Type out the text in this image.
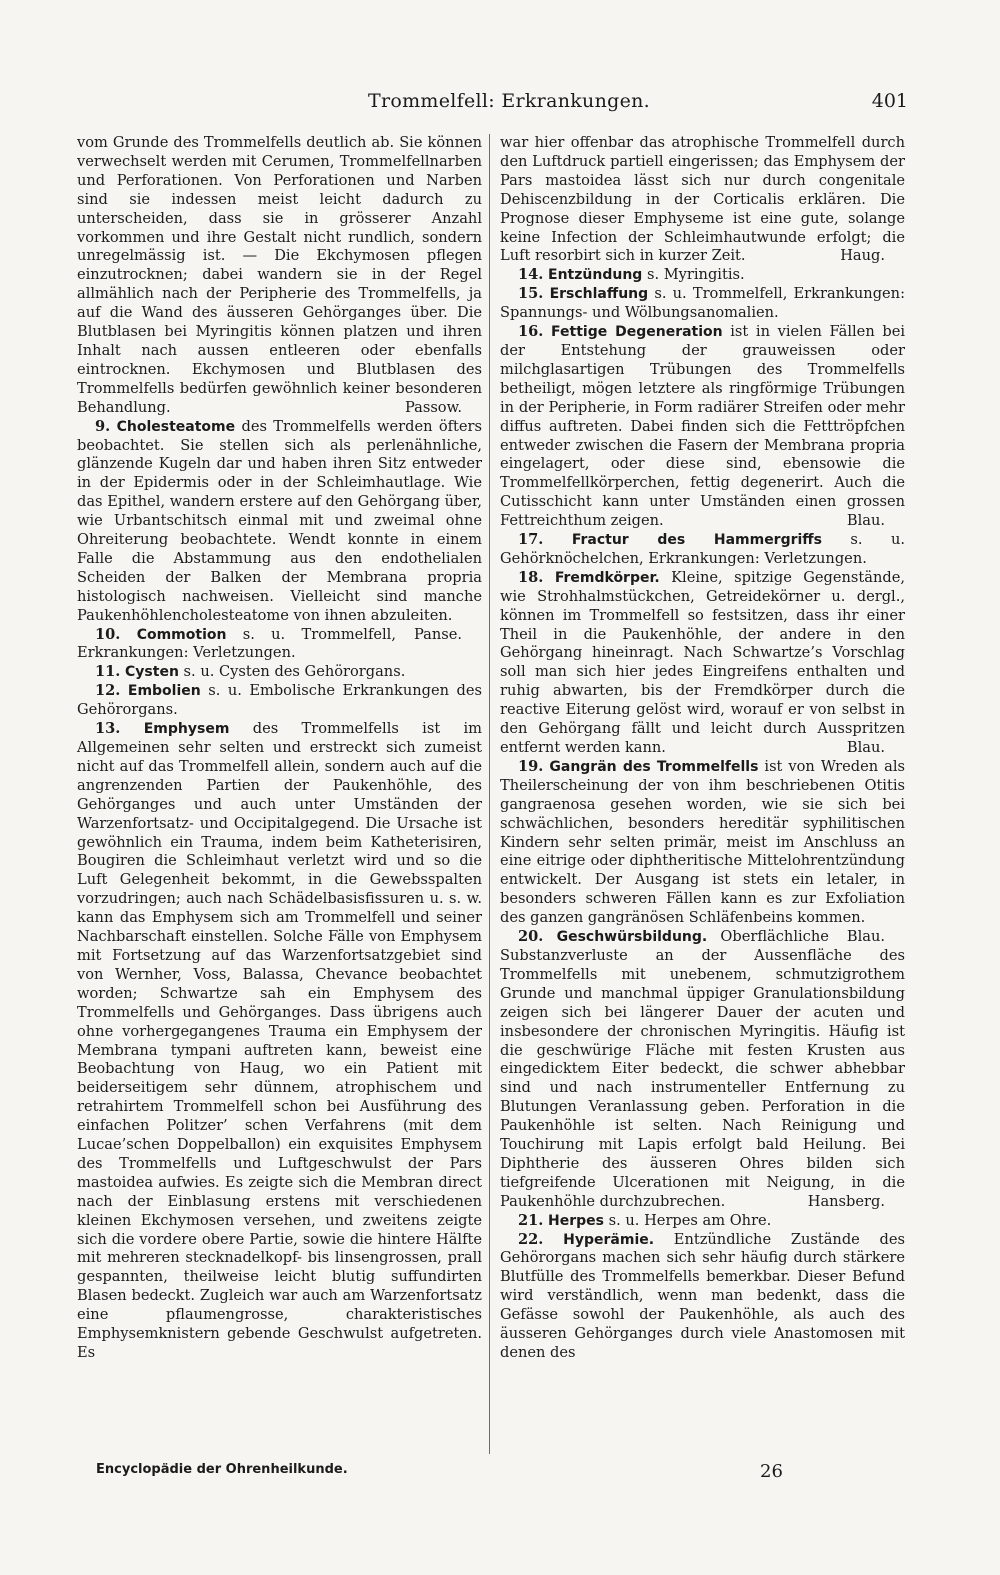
Trommelfell: Erkrankungen.	401

vom Grunde des Trommelfells deutlich ab. Sie können verwechselt werden mit Cerumen, Trommelfellnarben und Perforationen. Von Perforationen und Narben sind sie indessen meist leicht dadurch zu unterscheiden, dass sie in grösserer Anzahl vorkommen und ihre Gestalt nicht rundlich, sondern unregelmässig ist. — Die Ekchymosen pflegen einzutrocknen; dabei wandern sie in der Regel allmählich nach der Peripherie des Trommelfells, ja auf die Wand des äusseren Gehörganges über. Die Blutblasen bei Myringitis können platzen und ihren Inhalt nach aussen entleeren oder ebenfalls eintrocknen. Ekchymosen und Blutblasen des Trommelfells bedürfen gewöhnlich keiner besonderen Behandlung.	Passow.

9. Cholesteatome des Trommelfells werden öfters beobachtet. Sie stellen sich als perlenähnliche, glänzende Kugeln dar und haben ihren Sitz entweder in der Epidermis oder in der Schleimhautlage. Wie das Epithel, wandern erstere auf den Gehörgang über, wie Urbantschitsch einmal mit und zweimal ohne Ohreiterung beobachtete. Wendt konnte in einem Falle die Abstammung aus den endothelialen Scheiden der Balken der Membrana propria histologisch nachweisen. Vielleicht sind manche Paukenhöhlencholesteatome von ihnen abzuleiten.
Panse.

10. Commotion s. u. Trommelfell, Erkrankungen: Verletzungen.

11. Cysten s. u. Cysten des Gehörorgans.

12. Embolien s. u. Embolische Erkrankungen des Gehörorgans.

13. Emphysem des Trommelfells ist im Allgemeinen sehr selten und erstreckt sich zumeist nicht auf das Trommelfell allein, sondern auch auf die angrenzenden Partien der Paukenhöhle, des Gehörganges und auch unter Umständen der Warzenfortsatz- und Occipitalgegend. Die Ursache ist gewöhnlich ein Trauma, indem beim Katheterisiren, Bougiren die Schleimhaut verletzt wird und so die Luft Gelegenheit bekommt, in die Gewebsspalten vorzudringen; auch nach Schädelbasisfissuren u. s. w. kann das Emphysem sich am Trommelfell und seiner Nachbarschaft einstellen. Solche Fälle von Emphysem mit Fortsetzung auf das Warzenfortsatzgebiet sind von Wernher, Voss, Balassa, Chevance beobachtet worden; Schwartze sah ein Emphysem des Trommelfells und Gehörganges. Dass übrigens auch ohne vorhergegangenes Trauma ein Emphysem der Membrana tympani auftreten kann, beweist eine Beobachtung von Haug, wo ein Patient mit beiderseitigem sehr dünnem, atrophischem und retrahirtem Trommelfell schon bei Ausführung des einfachen Politzer’ schen Verfahrens (mit dem Lucae’schen Doppelballon) ein exquisites Emphysem des Trommelfells und Luftgeschwulst der Pars mastoidea aufwies. Es zeigte sich die Membran direct nach der Einblasung erstens mit verschiedenen kleinen Ekchymosen versehen, und zweitens zeigte sich die vordere obere Partie, sowie die hintere Hälfte mit mehreren stecknadelkopf- bis linsengrossen, prall gespannten, theilweise leicht blutig suffundirten Blasen bedeckt. Zugleich war auch am Warzenfortsatz eine pflaumengrosse, charakteristisches Emphysemknistern gebende Geschwulst aufgetreten. Es

war hier offenbar das atrophische Trommelfell durch den Luftdruck partiell eingerissen; das Emphysem der Pars mastoidea lässt sich nur durch congenitale Dehiscenzbildung in der Corticalis erklären. Die Prognose dieser Emphyseme ist eine gute, solange keine Infection der Schleimhautwunde erfolgt; die Luft resorbirt sich in kurzer Zeit.	Haug.

14. Entzündung s. Myringitis.

15. Erschlaffung s. u. Trommelfell, Erkrankungen: Spannungs- und Wölbungsanomalien.

16. Fettige Degeneration ist in vielen Fällen bei der Entstehung der grauweissen oder milchglasartigen Trübungen des Trommelfells betheiligt, mögen letztere als ringförmige Trübungen in der Peripherie, in Form radiärer Streifen oder mehr diffus auftreten. Dabei finden sich die Fetttröpfchen entweder zwischen die Fasern der Membrana propria eingelagert, oder diese sind, ebensowie die Trommelfellkörperchen, fettig degenerirt. Auch die Cutisschicht kann unter Umständen einen grossen Fettreichthum zeigen.	Blau.

17. Fractur des Hammergriffs s. u. Gehörknöchelchen, Erkrankungen: Verletzungen.

18. Fremdkörper. Kleine, spitzige Gegenstände, wie Strohhalmstückchen, Getreidekörner u. dergl., können im Trommelfell so festsitzen, dass ihr einer Theil in die Paukenhöhle, der andere in den Gehörgang hineinragt. Nach Schwartze’s Vorschlag soll man sich hier jedes Eingreifens enthalten und ruhig abwarten, bis der Fremdkörper durch die reactive Eiterung gelöst wird, worauf er von selbst in den Gehörgang fällt und leicht durch Ausspritzen entfernt werden kann.	Blau.

19. Gangrän des Trommelfells ist von Wreden als Theilerscheinung der von ihm beschriebenen Otitis gangraenosa gesehen worden, wie sie sich bei schwächlichen, besonders hereditär syphilitischen Kindern sehr selten primär, meist im Anschluss an eine eitrige oder diphtheritische Mittelohrentzündung entwickelt. Der Ausgang ist stets ein letaler, in besonders schweren Fällen kann es zur Exfoliation des ganzen gangränösen Schläfenbeins kommen.
Blau.

20. Geschwürsbildung. Oberflächliche Substanzverluste an der Aussenfläche des Trommelfells mit unebenem, schmutzigrothem Grunde und manchmal üppiger Granulationsbildung zeigen sich bei längerer Dauer der acuten und insbesondere der chronischen Myringitis. Häufig ist die geschwürige Fläche mit festen Krusten aus eingedicktem Eiter bedeckt, die schwer abhebbar sind und nach instrumenteller Entfernung zu Blutungen Veranlassung geben. Perforation in die Paukenhöhle ist selten. Nach Reinigung und Touchirung mit Lapis erfolgt bald Heilung. Bei Diphtherie des äusseren Ohres bilden sich tiefgreifende Ulcerationen mit Neigung, in die Paukenhöhle durchzubrechen.	Hansberg.

21. Herpes s. u. Herpes am Ohre.

22. Hyperämie. Entzündliche Zustände des Gehörorgans machen sich sehr häufig durch stärkere Blutfülle des Trommelfells bemerkbar. Dieser Befund wird verständlich, wenn man bedenkt, dass die Gefässe sowohl der Paukenhöhle, als auch des äusseren Gehörganges durch viele Anastomosen mit denen des

Encyclopädie der Ohrenheilkunde.	26
